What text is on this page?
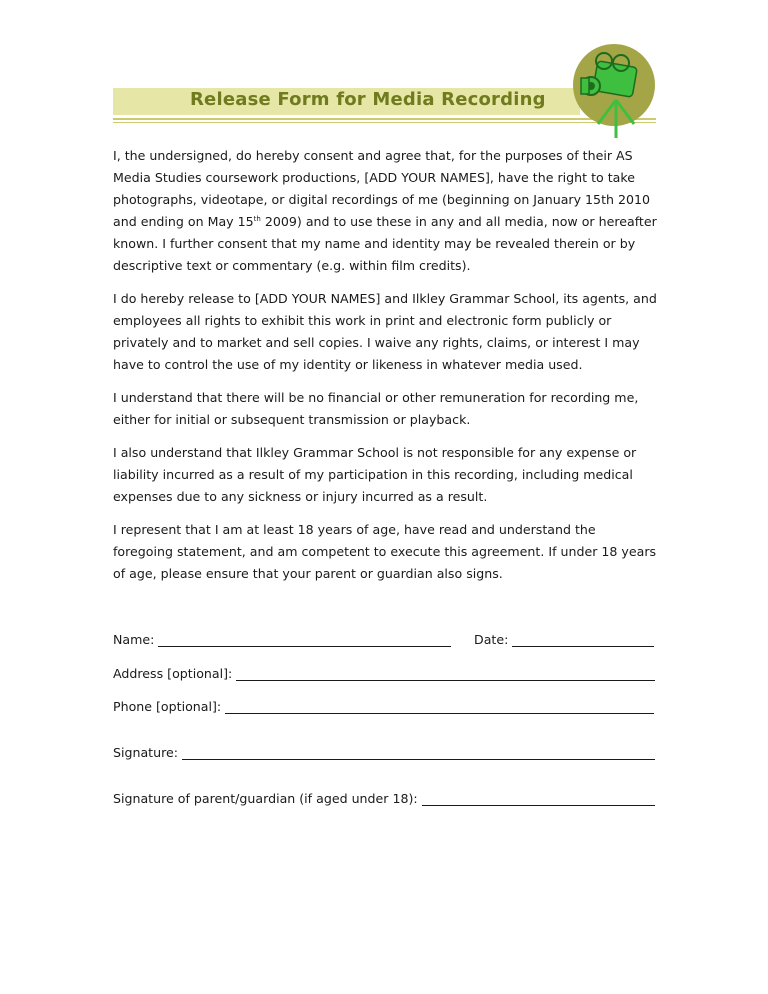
Release Form for Media Recording

I, the undersigned, do hereby consent and agree that, for the purposes of their AS Media Studies coursework productions, [ADD YOUR NAMES], have the right to take photographs, videotape, or digital recordings of me (beginning on January 15th 2010 and ending on May 15th 2009) and to use these in any and all media, now or hereafter known. I further consent that my name and identity may be revealed therein or by descriptive text or commentary (e.g. within film credits).

I do hereby release to [ADD YOUR NAMES] and Ilkley Grammar School, its agents, and employees all rights to exhibit this work in print and electronic form publicly or privately and to market and sell copies. I waive any rights, claims, or interest I may have to control the use of my identity or likeness in whatever media used.

I understand that there will be no financial or other remuneration for recording me, either for initial or subsequent transmission or playback.

I also understand that Ilkley Grammar School is not responsible for any expense or liability incurred as a result of my participation in this recording, including medical expenses due to any sickness or injury incurred as a result.

I represent that I am at least 18 years of age, have read and understand the foregoing statement, and am competent to execute this agreement. If under 18 years of age, please ensure that your parent or guardian also signs.

Name:	Date:
Address [optional]:
Phone [optional]:
Signature:
Signature of parent/guardian (if aged under 18):
